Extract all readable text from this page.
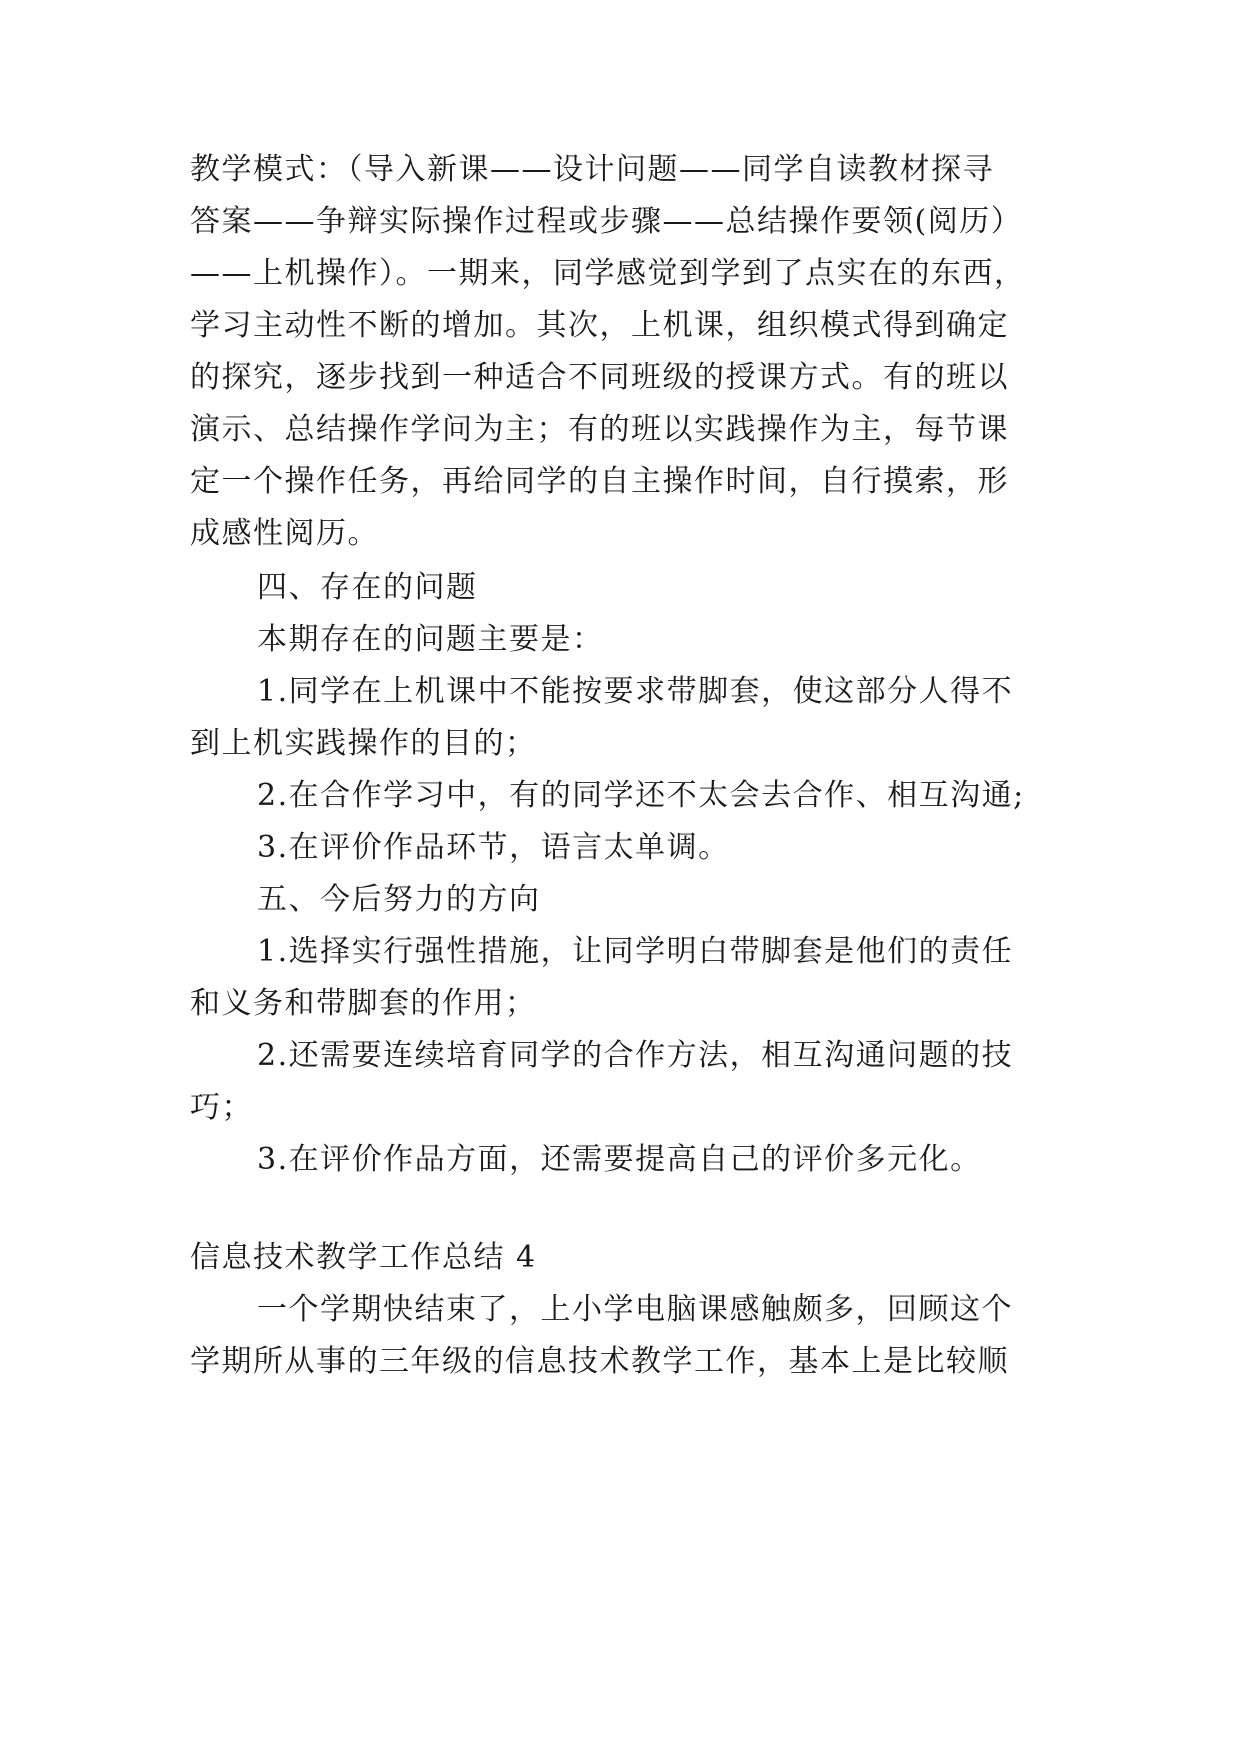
教学模式：（导入新课——设计问题——同学自读教材探寻
答案——争辩实际操作过程或步骤——总结操作要领(阅历）
——上机操作）。一期来，同学感觉到学到了点实在的东西，
学习主动性不断的增加。其次，上机课，组织模式得到确定
的探究，逐步找到一种适合不同班级的授课方式。有的班以
演示、总结操作学问为主；有的班以实践操作为主，每节课
定一个操作任务，再给同学的自主操作时间，自行摸索，形
成感性阅历。
四、存在的问题
本期存在的问题主要是：
1.同学在上机课中不能按要求带脚套，使这部分人得不
到上机实践操作的目的；
2.在合作学习中，有的同学还不太会去合作、相互沟通;
3.在评价作品环节，语言太单调。
五、今后努力的方向
1.选择实行强性措施，让同学明白带脚套是他们的责任
和义务和带脚套的作用；
2.还需要连续培育同学的合作方法，相互沟通问题的技
巧；
3.在评价作品方面，还需要提高自己的评价多元化。
信息技术教学工作总结 4
一个学期快结束了，上小学电脑课感触颇多，回顾这个
学期所从事的三年级的信息技术教学工作，基本上是比较顺
